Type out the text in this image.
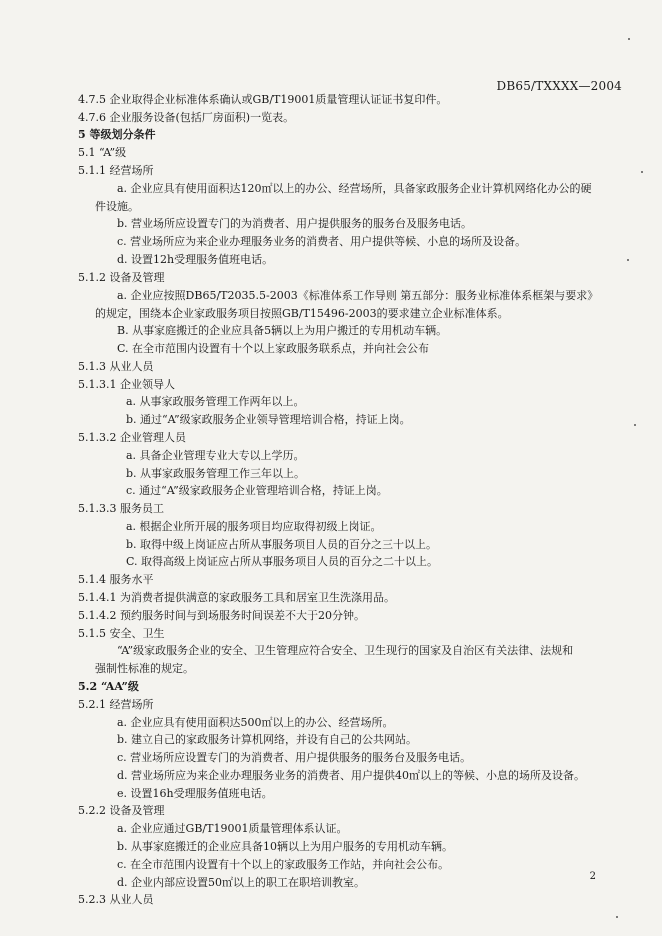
DB65/TXXXX—2004
4.7.5 企业取得企业标准体系确认或GB/T19001质量管理认证证书复印件。
4.7.6 企业服务设备(包括厂房面积)一览表。
5 等级划分条件
5.1 “A”级
5.1.1 经营场所
a. 企业应具有使用面积达120㎡以上的办公、经营场所，具备家政服务企业计算机网络化办公的硬
件设施。
b. 营业场所应设置专门的为消费者、用户提供服务的服务台及服务电话。
c. 营业场所应为来企业办理服务业务的消费者、用户提供等候、小息的场所及设备。
d. 设置12h受理服务值班电话。
5.1.2 设备及管理
a. 企业应按照DB65/T2035.5-2003《标准体系工作导则 第五部分：服务业标准体系框架与要求》
的规定，围绕本企业家政服务项目按照GB/T15496-2003的要求建立企业标准体系。
B. 从事家庭搬迁的企业应具备5辆以上为用户搬迁的专用机动车辆。
C. 在全市范围内设置有十个以上家政服务联系点，并向社会公布
5.1.3 从业人员
5.1.3.1 企业领导人
a. 从事家政服务管理工作两年以上。
b. 通过“A”级家政服务企业领导管理培训合格，持证上岗。
5.1.3.2 企业管理人员
a. 具备企业管理专业大专以上学历。
b. 从事家政服务管理工作三年以上。
c. 通过“A”级家政服务企业管理培训合格，持证上岗。
5.1.3.3 服务员工
a. 根据企业所开展的服务项目均应取得初级上岗证。
b. 取得中级上岗证应占所从事服务项目人员的百分之三十以上。
C. 取得高级上岗证应占所从事服务项目人员的百分之二十以上。
5.1.4 服务水平
5.1.4.1 为消费者提供满意的家政服务工具和居室卫生洗涤用品。
5.1.4.2 预约服务时间与到场服务时间误差不大于20分钟。
5.1.5 安全、卫生
“A”级家政服务企业的安全、卫生管理应符合安全、卫生现行的国家及自治区有关法律、法规和
强制性标准的规定。
5.2 “AA”级
5.2.1 经营场所
a. 企业应具有使用面积达500㎡以上的办公、经营场所。
b. 建立自己的家政服务计算机网络，并设有自己的公共网站。
c. 营业场所应设置专门的为消费者、用户提供服务的服务台及服务电话。
d. 营业场所应为来企业办理服务业务的消费者、用户提供40㎡以上的等候、小息的场所及设备。
e. 设置16h受理服务值班电话。
5.2.2 设备及管理
a. 企业应通过GB/T19001质量管理体系认证。
b. 从事家庭搬迁的企业应具备10辆以上为用户服务的专用机动车辆。
c. 在全市范围内设置有十个以上的家政服务工作站，并向社会公布。
d. 企业内部应设置50㎡以上的职工在职培训教室。
5.2.3 从业人员
2
